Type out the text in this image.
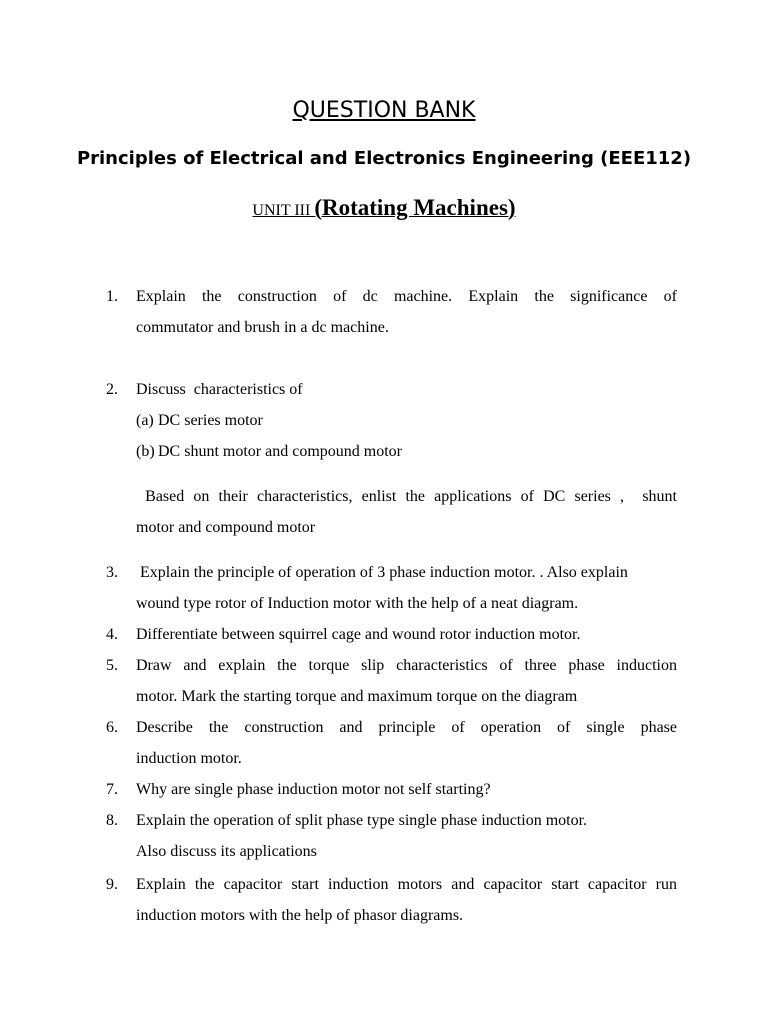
QUESTION BANK
Principles of Electrical and Electronics Engineering (EEE112)
UNIT III (Rotating Machines)
1.	Explain the construction of dc machine. Explain the significance of
commutator and brush in a dc machine.
2.	Discuss  characteristics of
(a) DC series motor
(b) DC shunt motor and compound motor
Based on their characteristics, enlist the applications of DC series ,  shunt
motor and compound motor
3.	Explain the principle of operation of 3 phase induction motor. . Also explain
wound type rotor of Induction motor with the help of a neat diagram.
4.	Differentiate between squirrel cage and wound rotor induction motor.
5.	Draw and explain the torque slip characteristics of three phase induction
motor. Mark the starting torque and maximum torque on the diagram
6.	Describe the construction and principle of operation of single phase
induction motor.
7.	Why are single phase induction motor not self starting?
8.	Explain the operation of split phase type single phase induction motor.
Also discuss its applications
9.	Explain the capacitor start induction motors and capacitor start capacitor run
induction motors with the help of phasor diagrams.
